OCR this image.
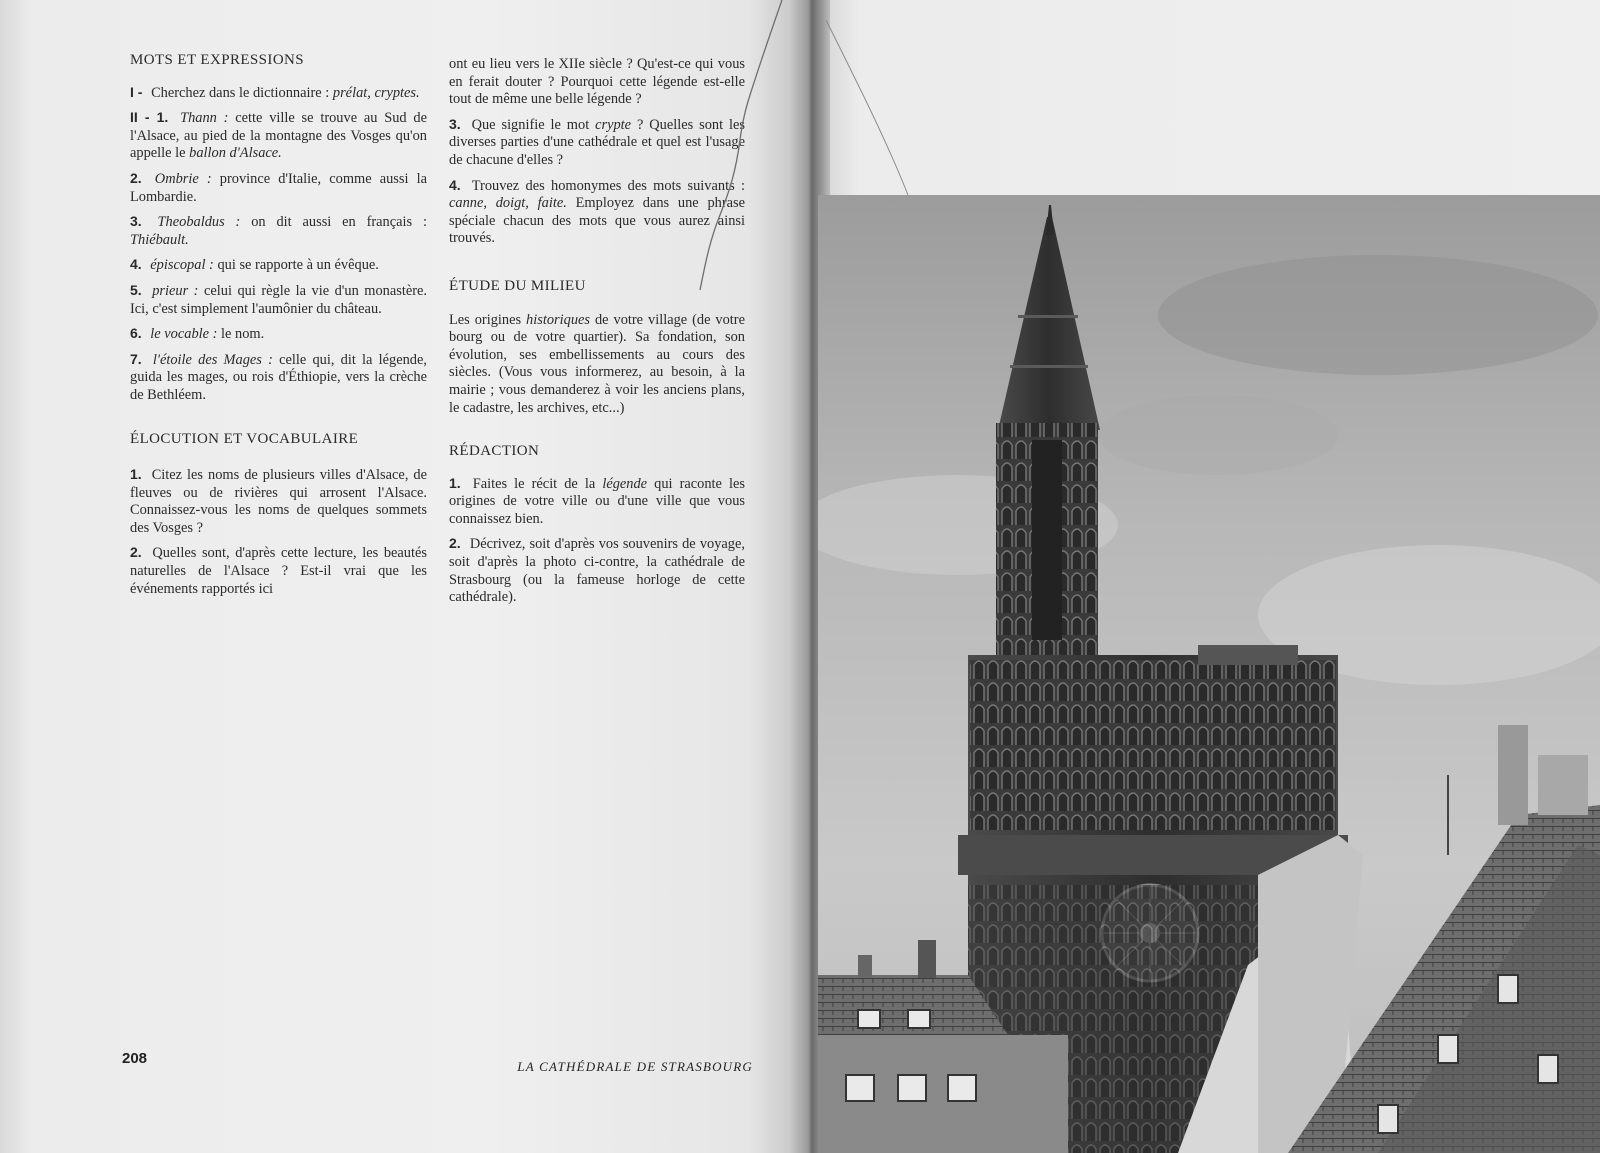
MOTS ET EXPRESSIONS
I - Cherchez dans le dictionnaire : prélat, cryptes.
II - 1. Thann : cette ville se trouve au Sud de l'Alsace, au pied de la montagne des Vosges qu'on appelle le ballon d'Alsace.
2. Ombrie : province d'Italie, comme aussi la Lombardie.
3. Theobaldus : on dit aussi en français : Thiébault.
4. épiscopal : qui se rapporte à un évêque.
5. prieur : celui qui règle la vie d'un monastère. Ici, c'est simplement l'aumônier du château.
6. le vocable : le nom.
7. l'étoile des Mages : celle qui, dit la légende, guida les mages, ou rois d'Éthiopie, vers la crèche de Bethléem.
ÉLOCUTION ET VOCABULAIRE
1. Citez les noms de plusieurs villes d'Alsace, de fleuves ou de rivières qui arrosent l'Alsace. Connaissez-vous les noms de quelques sommets des Vosges ?
2. Quelles sont, d'après cette lecture, les beautés naturelles de l'Alsace ? Est-il vrai que les événements rapportés ici
ont eu lieu vers le XIIe siècle ? Qu'est-ce qui vous en ferait douter ? Pourquoi cette légende est-elle tout de même une belle légende ?
3. Que signifie le mot crypte ? Quelles sont les diverses parties d'une cathédrale et quel est l'usage de chacune d'elles ?
4. Trouvez des homonymes des mots suivants : canne, doigt, faite. Employez dans une phrase spéciale chacun des mots que vous aurez ainsi trouvés.
ÉTUDE DU MILIEU
Les origines historiques de votre village (de votre bourg ou de votre quartier). Sa fondation, son évolution, ses embellissements au cours des siècles. (Vous vous informerez, au besoin, à la mairie ; vous demanderez à voir les anciens plans, le cadastre, les archives, etc...)
RÉDACTION
1. Faites le récit de la légende qui raconte les origines de votre ville ou d'une ville que vous connaissez bien.
2. Décrivez, soit d'après vos souvenirs de voyage, soit d'après la photo ci-contre, la cathédrale de Strasbourg (ou la fameuse horloge de cette cathédrale).
208	LA CATHÉDRALE DE STRASBOURG
